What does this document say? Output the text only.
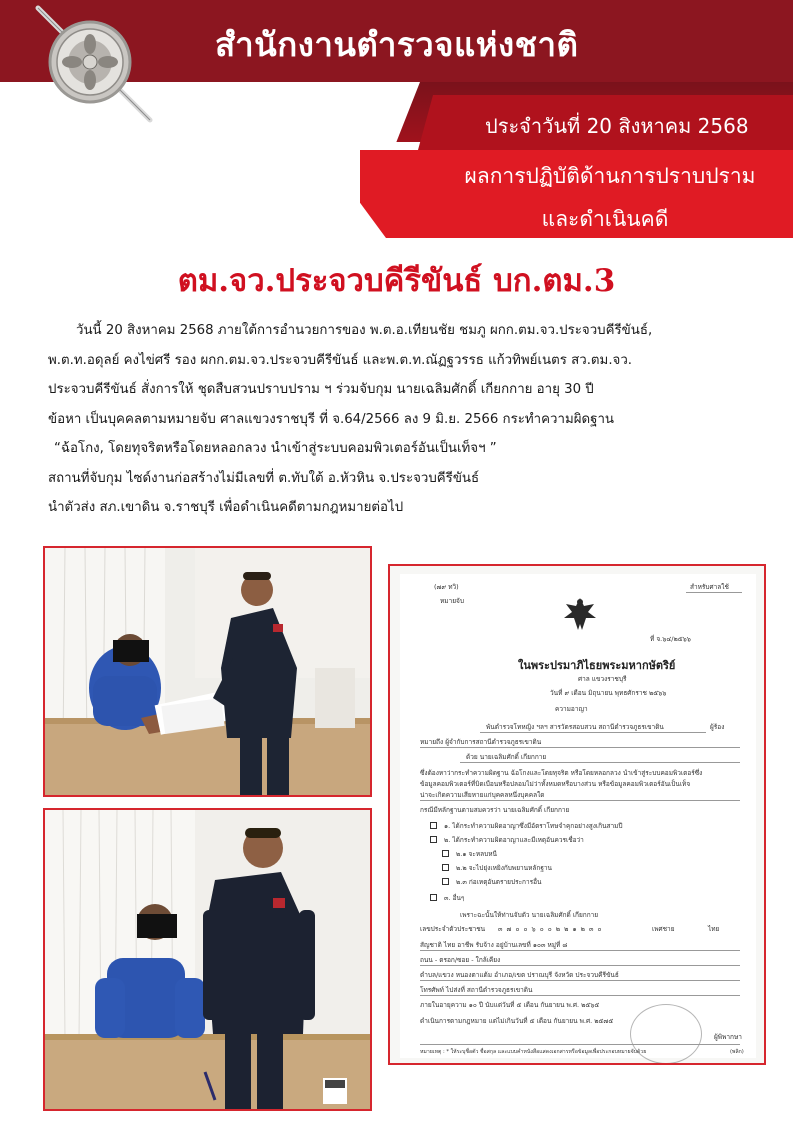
สำนักงานตำรวจแห่งชาติ
ประจำวันที่ 20 สิงหาคม 2568
ผลการปฏิบัติด้านการปราบปราม
และดำเนินคดี
ตม.จว.ประจวบคีรีขันธ์ บก.ตม.3

วันนี้ 20 สิงหาคม 2568 ภายใต้การอำนวยการของ พ.ต.อ.เทียนชัย ชมภู ผกก.ตม.จว.ประจวบคีรีขันธ์,

พ.ต.ท.อดุลย์ คงไข่ศรี รอง ผกก.ตม.จว.ประจวบคีรีขันธ์ และพ.ต.ท.ณัฏฐวรรธ แก้วทิพย์เนตร สว.ตม.จว.

ประจวบคีรีขันธ์ สั่งการให้ ชุดสืบสวนปราบปราม ฯ ร่วมจับกุม นายเฉลิมศักดิ์ เกียกกาย อายุ 30 ปี

ข้อหา เป็นบุคคลตามหมายจับ ศาลแขวงราชบุรี ที่ จ.64/2566 ลง 9 มิ.ย. 2566 กระทำความผิดฐาน

“ฉ้อโกง, โดยทุจริตหรือโดยหลอกลวง นำเข้าสู่ระบบคอมพิวเตอร์อันเป็นเท็จฯ ”

สถานที่จับกุม ไซด์งานก่อสร้างไม่มีเลขที่ ต.ทับใต้ อ.หัวหิน จ.ประจวบคีรีขันธ์

นำตัวส่ง สภ.เขาดิน จ.ราชบุรี เพื่อดำเนินคดีตามกฎหมายต่อไป

(๗๙ ทวิ)
หมายจับ
สำหรับศาลใช้
ที่ จ.๖๔/๒๕๖๖
ในพระปรมาภิไธยพระมหากษัตริย์
ศาล แขวงราชบุรี
วันที่ ๙ เดือน มิถุนายน พุทธศักราช ๒๕๖๖
ความอาญา
พันตำรวจโทหญิง ฯลฯ สารวัตรสอบสวน สถานีตำรวจภูธรเขาดิน	ผู้ร้อง
หมายถึง ผู้จำกับการสถานีตำรวจภูธรเขาดิน
ด้วย นายเฉลิมศักดิ์ เกียกกาย
ซึ่งต้องหาว่ากระทำความผิดฐาน ฉ้อโกงและโดยทุจริต หรือโดยหลอกลวง นำเข้าสู่ระบบคอมพิวเตอร์ซึ่ง
ข้อมูลคอมพิวเตอร์ที่บิดเบือนหรือปลอมไม่ว่าทั้งหมดหรือบางส่วน หรือข้อมูลคอมพิวเตอร์อันเป็นเท็จ
น่าจะเกิดความเสียหายแก่บุคคลหนึ่งบุคคลใด
กรณีมีหลักฐานตามสมควรว่า นายเฉลิมศักดิ์ เกียกกาย
๑. ได้กระทำความผิดอาญาซึ่งมีอัตราโทษจำคุกอย่างสูงเกินสามปี
๒. ได้กระทำความผิดอาญาและมีเหตุอันควรเชื่อว่า
๒.๑ จะหลบหนี
๒.๒ จะไปยุ่งเหยิงกับพยานหลักฐาน
๒.๓ ก่อเหตุอันตรายประการอื่น
๓. อื่นๆ
เพราะฉะนั้นให้ท่านจับตัว นายเฉลิมศักดิ์ เกียกกาย
เลขประจำตัวประชาชน ๓ ๗ ๐ ๐ ๖ ๐ ๐ ๒ ๒ ๑ ๒ ๓ ๐	เพศชาย	ไทย
สัญชาติ ไทย อาชีพ รับจ้าง อยู่บ้านเลขที่ ๑๐๓ หมู่ที่ ๘
ถนน - ตรอก/ซอย - ใกล้เคียง
ตำบล/แขวง หนองตาแต้ม อำเภอ/เขต ปราณบุรี จังหวัด ประจวบคีรีขันธ์
โทรศัพท์ ไปส่งที่ สถานีตำรวจภูธรเขาดิน
ภายในอายุความ ๑๐ ปี นับแต่วันที่ ๕ เดือน กันยายน พ.ศ. ๒๕๖๕
ดำเนินการตามกฎหมาย แต่ไม่เกินวันที่ ๕ เดือน กันยายน พ.ศ. ๒๕๗๕
ผู้พิพากษา
หมายเหตุ : * ให้ระบุชื่อตัว ชื่อสกุล และแบบคำหนังสือแสดงเอกสารหรือข้อมูลเพื่อประกอบหมายจับด้วย	(พลิก)
